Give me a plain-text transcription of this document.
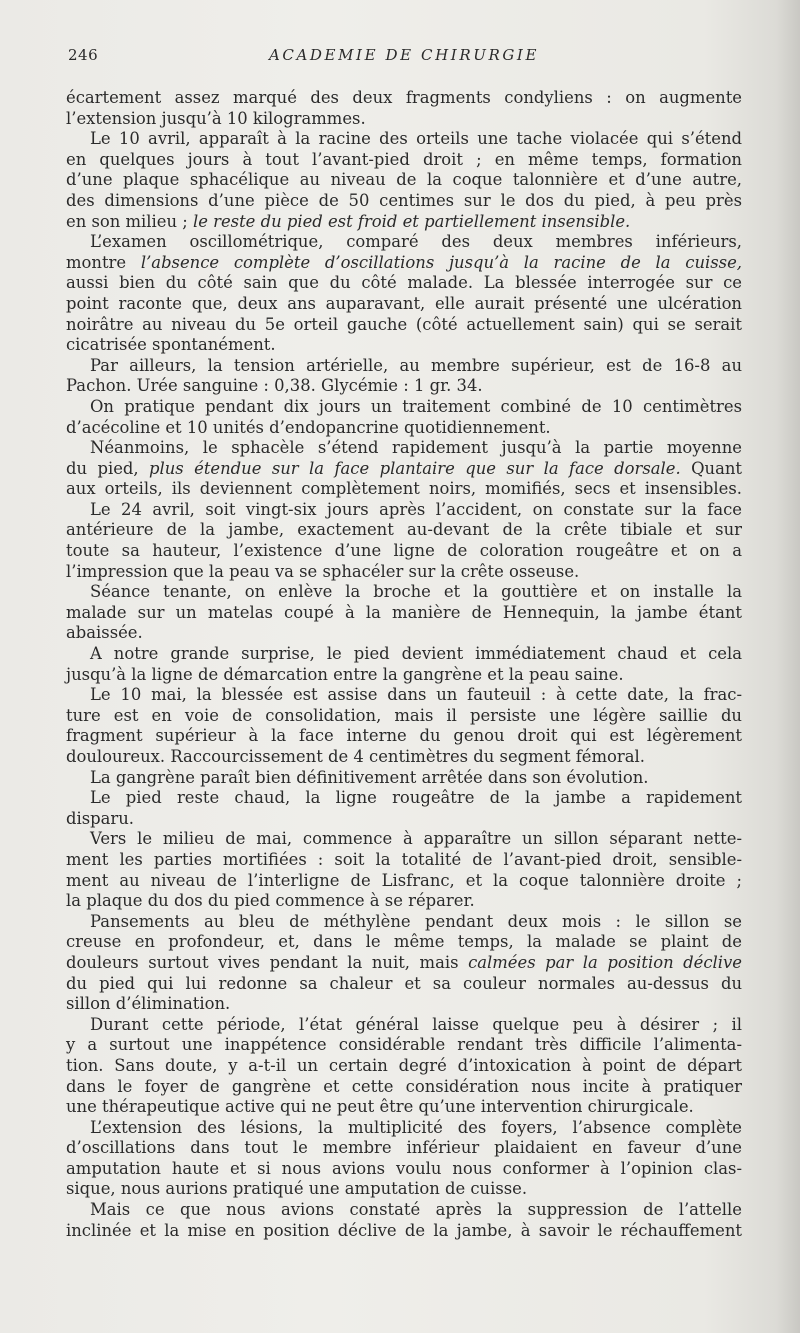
246	ACADEMIE DE CHIRURGIE
écartement assez marqué des deux fragments condyliens : on augmente
l’extension jusqu’à 10 kilogrammes.
Le 10 avril, apparaît à la racine des orteils une tache violacée qui s’étend
en quelques jours à tout l’avant-pied droit ; en même temps, formation
d’une plaque sphacélique au niveau de la coque talonnière et d’une autre,
des dimensions d’une pièce de 50 centimes sur le dos du pied, à peu près
en son milieu ; le reste du pied est froid et partiellement insensible.
L’examen oscillométrique, comparé des deux membres inférieurs,
montre l’absence complète d’oscillations jusqu’à la racine de la cuisse,
aussi bien du côté sain que du côté malade. La blessée interrogée sur ce
point raconte que, deux ans auparavant, elle aurait présenté une ulcération
noirâtre au niveau du 5e orteil gauche (côté actuellement sain) qui se serait
cicatrisée spontanément.
Par ailleurs, la tension artérielle, au membre supérieur, est de 16-8 au
Pachon. Urée sanguine : 0,38. Glycémie : 1 gr. 34.
On pratique pendant dix jours un traitement combiné de 10 centimètres
d’acécoline et 10 unités d’endopancrine quotidiennement.
Néanmoins, le sphacèle s’étend rapidement jusqu’à la partie moyenne
du pied, plus étendue sur la face plantaire que sur la face dorsale. Quant
aux orteils, ils deviennent complètement noirs, momifiés, secs et insensibles.
Le 24 avril, soit vingt-six jours après l’accident, on constate sur la face
antérieure de la jambe, exactement au-devant de la crête tibiale et sur
toute sa hauteur, l’existence d’une ligne de coloration rougeâtre et on a
l’impression que la peau va se sphacéler sur la crête osseuse.
Séance tenante, on enlève la broche et la gouttière et on installe la
malade sur un matelas coupé à la manière de Hennequin, la jambe étant
abaissée.
A notre grande surprise, le pied devient immédiatement chaud et cela
jusqu’à la ligne de démarcation entre la gangrène et la peau saine.
Le 10 mai, la blessée est assise dans un fauteuil : à cette date, la frac-
ture est en voie de consolidation, mais il persiste une légère saillie du
fragment supérieur à la face interne du genou droit qui est légèrement
douloureux. Raccourcissement de 4 centimètres du segment fémoral.
La gangrène paraît bien définitivement arrêtée dans son évolution.
Le pied reste chaud, la ligne rougeâtre de la jambe a rapidement
disparu.
Vers le milieu de mai, commence à apparaître un sillon séparant nette-
ment les parties mortifiées : soit la totalité de l’avant-pied droit, sensible-
ment au niveau de l’interligne de Lisfranc, et la coque talonnière droite ;
la plaque du dos du pied commence à se réparer.
Pansements au bleu de méthylène pendant deux mois : le sillon se
creuse en profondeur, et, dans le même temps, la malade se plaint de
douleurs surtout vives pendant la nuit, mais calmées par la position déclive
du pied qui lui redonne sa chaleur et sa couleur normales au-dessus du
sillon d’élimination.
Durant cette période, l’état général laisse quelque peu à désirer ; il
y a surtout une inappétence considérable rendant très difficile l’alimenta-
tion. Sans doute, y a-t-il un certain degré d’intoxication à point de départ
dans le foyer de gangrène et cette considération nous incite à pratiquer
une thérapeutique active qui ne peut être qu’une intervention chirurgicale.
L’extension des lésions, la multiplicité des foyers, l’absence complète
d’oscillations dans tout le membre inférieur plaidaient en faveur d’une
amputation haute et si nous avions voulu nous conformer à l’opinion clas-
sique, nous aurions pratiqué une amputation de cuisse.
Mais ce que nous avions constaté après la suppression de l’attelle
inclinée et la mise en position déclive de la jambe, à savoir le réchauffement
